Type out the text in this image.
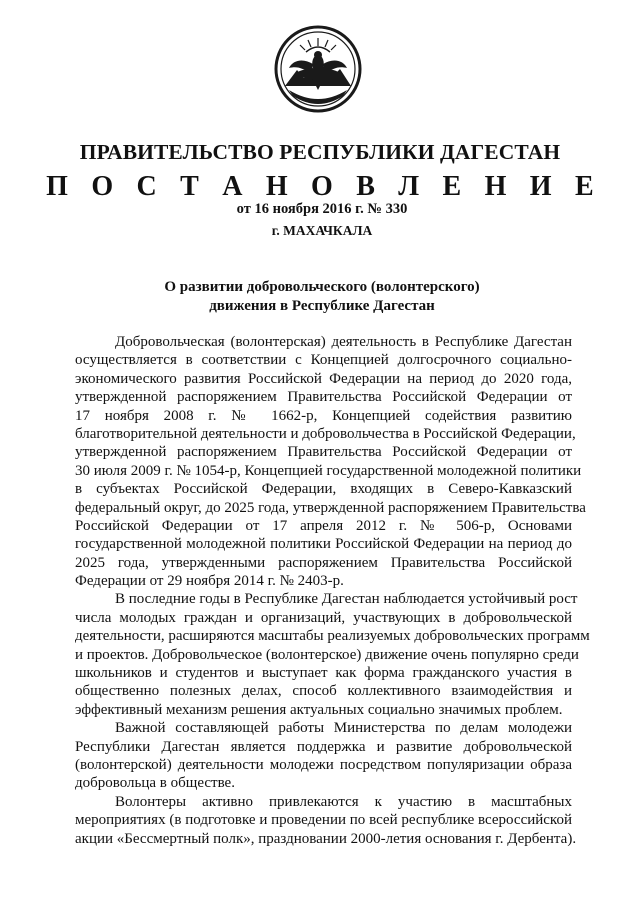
ПРАВИТЕЛЬСТВО РЕСПУБЛИКИ ДАГЕСТАН
П О С Т А Н О В Л Е Н И Е
от 16 ноября 2016 г. № 330
г. МАХАЧКАЛА
О развитии добровольческого (волонтерского)
движения в Республике Дагестан
Добровольческая (волонтерская) деятельность в Республике Дагестан
осуществляется в соответствии с Концепцией долгосрочного социально-
экономического развития Российской Федерации на период до 2020 года,
утвержденной распоряжением Правительства Российской Федерации от
17 ноября 2008 г. № 1662-р, Концепцией содействия развитию
благотворительной деятельности и добровольчества в Российской Федерации,
утвержденной распоряжением Правительства Российской Федерации от
30 июля 2009 г. № 1054-р, Концепцией государственной молодежной политики
в субъектах Российской Федерации, входящих в Северо-Кавказский
федеральный округ, до 2025 года, утвержденной распоряжением Правительства
Российской Федерации от 17 апреля 2012 г. № 506-р, Основами
государственной молодежной политики Российской Федерации на период до
2025 года, утвержденными распоряжением Правительства Российской
Федерации от 29 ноября 2014 г. № 2403-р.
В последние годы в Республике Дагестан наблюдается устойчивый рост
числа молодых граждан и организаций, участвующих в добровольческой
деятельности, расширяются масштабы реализуемых добровольческих программ
и проектов. Добровольческое (волонтерское) движение очень популярно среди
школьников и студентов и выступает как форма гражданского участия в
общественно полезных делах, способ коллективного взаимодействия и
эффективный механизм решения актуальных социально значимых проблем.
Важной составляющей работы Министерства по делам молодежи
Республики Дагестан является поддержка и развитие добровольческой
(волонтерской) деятельности молодежи посредством популяризации образа
добровольца в обществе.
Волонтеры активно привлекаются к участию в масштабных
мероприятиях (в подготовке и проведении по всей республике всероссийской
акции «Бессмертный полк», праздновании 2000-летия основания г. Дербента).
